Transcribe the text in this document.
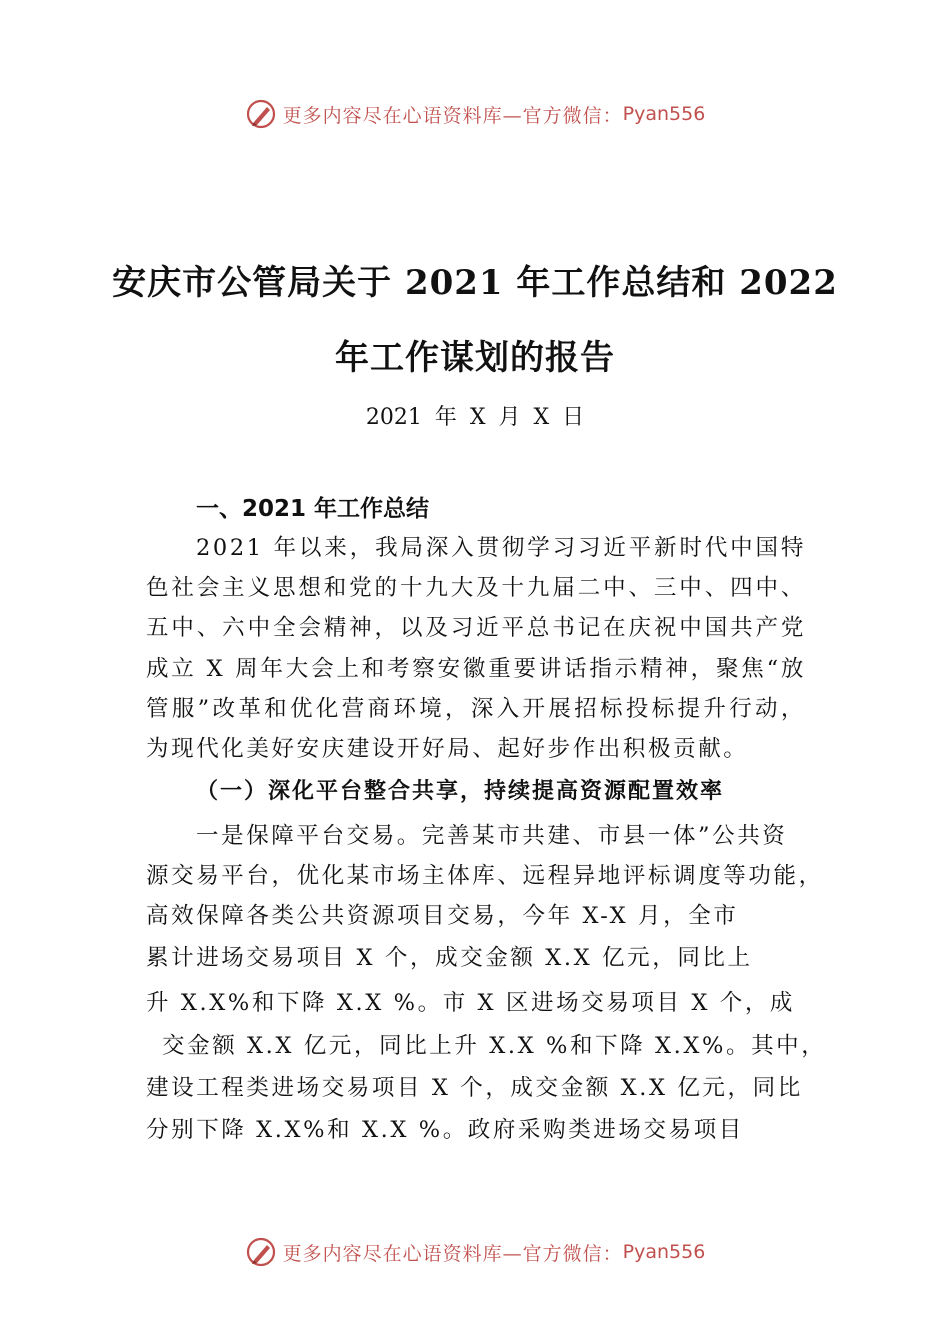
更多内容尽在心语资料库—官方微信： Pyan556
安庆市公管局关于 2021 年工作总结和 2022
年工作谋划的报告
2021 年 X 月 X 日
一、2021 年工作总结
2021 年以来，我局深入贯彻学习习近平新时代中国特色社会主义思想和党的十九大及十九届二中、三中、四中、五中、六中全会精神，以及习近平总书记在庆祝中国共产党成立 X 周年大会上和考察安徽重要讲话指示精神，聚焦“放管服”改革和优化营商环境，深入开展招标投标提升行动，为现代化美好安庆建设开好局、起好步作出积极贡献。
（一）深化平台整合共享，持续提高资源配置效率
一是保障平台交易。完善某市共建、市县一体”公共资
源交易平台，优化某市场主体库、远程异地评标调度等功能，
高效保障各类公共资源项目交易，今年 X-X 月，全市
累计进场交易项目 X 个，成交金额 X.X 亿元，同比上
升 X.X%和下降 X.X %。市 X 区进场交易项目 X 个，成
交金额 X.X 亿元，同比上升 X.X %和下降 X.X%。其中，
建设工程类进场交易项目 X 个，成交金额 X.X 亿元，同比
分别下降 X.X%和 X.X %。政府采购类进场交易项目
更多内容尽在心语资料库—官方微信： Pyan556
